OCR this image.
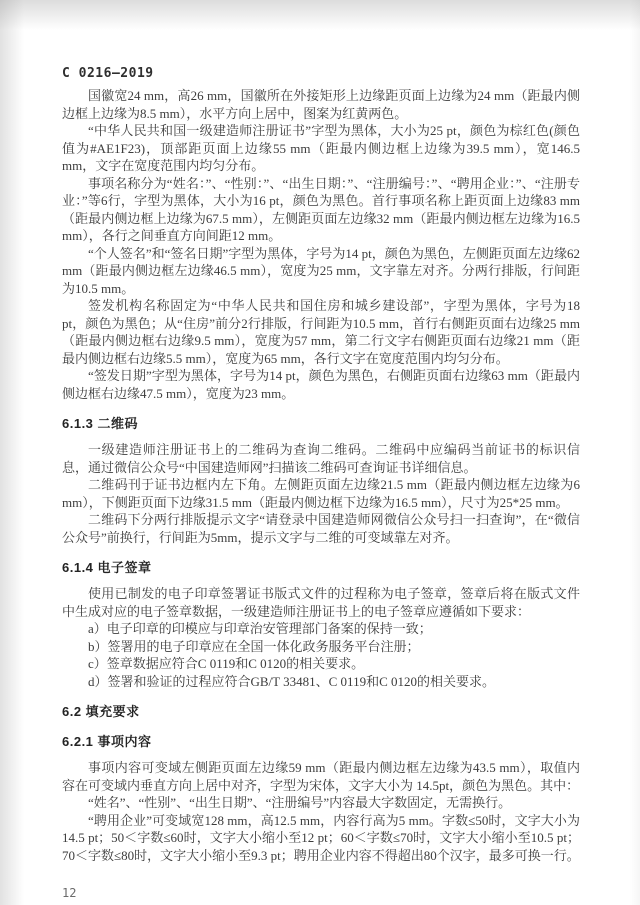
C 0216—2019

国徽宽24 mm，高26 mm，国徽所在外接矩形上边缘距页面上边缘为24 mm（距最内侧边框上边缘为8.5 mm），水平方向上居中，图案为红黄两色。

“中华人民共和国一级建造师注册证书”字型为黑体，大小为25 pt，颜色为棕红色(颜色值为#AE1F23)，顶部距页面上边缘55 mm（距最内侧边框上边缘为39.5 mm），宽146.5 mm，文字在宽度范围内均匀分布。

事项名称分为“姓名：”、“性别：”、“出生日期：”、“注册编号：”、“聘用企业：”、“注册专业：”等6行，字型为黑体，大小为16 pt，颜色为黑色。首行事项名称上距页面上边缘83 mm（距最内侧边框上边缘为67.5 mm），左侧距页面左边缘32 mm（距最内侧边框左边缘为16.5 mm），各行之间垂直方向间距12 mm。

“个人签名”和“签名日期”字型为黑体，字号为14 pt，颜色为黑色，左侧距页面左边缘62 mm（距最内侧边框左边缘46.5 mm），宽度为25 mm，文字靠左对齐。分两行排版，行间距为10.5 mm。

签发机构名称固定为“中华人民共和国住房和城乡建设部”，字型为黑体，字号为18 pt，颜色为黑色；从“住房”前分2行排版，行间距为10.5 mm，首行右侧距页面右边缘25 mm（距最内侧边框右边缘9.5 mm），宽度为57 mm，第二行文字右侧距页面右边缘21 mm（距最内侧边框右边缘5.5 mm），宽度为65 mm，各行文字在宽度范围内均匀分布。

“签发日期”字型为黑体，字号为14 pt，颜色为黑色，右侧距页面右边缘63 mm（距最内侧边框右边缘47.5 mm），宽度为23 mm。

6.1.3 二维码

一级建造师注册证书上的二维码为查询二维码。二维码中应编码当前证书的标识信息，通过微信公众号“中国建造师网”扫描该二维码可查询证书详细信息。

二维码刊于证书边框内左下角。左侧距页面左边缘21.5 mm（距最内侧边框左边缘为6 mm），下侧距页面下边缘31.5 mm（距最内侧边框下边缘为16.5 mm），尺寸为25*25 mm。

二维码下分两行排版提示文字“请登录中国建造师网微信公众号扫一扫查询”，在“微信公众号”前换行，行间距为5mm，提示文字与二维的可变域靠左对齐。

6.1.4 电子签章

使用已制发的电子印章签署证书版式文件的过程称为电子签章，签章后将在版式文件中生成对应的电子签章数据，一级建造师注册证书上的电子签章应遵循如下要求：

a）电子印章的印模应与印章治安管理部门备案的保持一致；

b）签署用的电子印章应在全国一体化政务服务平台注册；

c）签章数据应符合C 0119和C 0120的相关要求。

d）签署和验证的过程应符合GB/T 33481、C 0119和C 0120的相关要求。

6.2 填充要求
6.2.1 事项内容

事项内容可变域左侧距页面左边缘59 mm（距最内侧边框左边缘为43.5 mm），取值内容在可变域内垂直方向上居中对齐，字型为宋体，文字大小为 14.5pt，颜色为黑色。其中：

“姓名”、“性别”、“出生日期”、“注册编号”内容最大字数固定，无需换行。

“聘用企业”可变域宽128 mm，高12.5 mm，内容行高为5 mm。字数≤50时，文字大小为14.5 pt；50＜字数≤60时，文字大小缩小至12 pt；60＜字数≤70时，文字大小缩小至10.5 pt；70＜字数≤80时，文字大小缩小至9.3 pt；聘用企业内容不得超出80个汉字，最多可换一行。

12
